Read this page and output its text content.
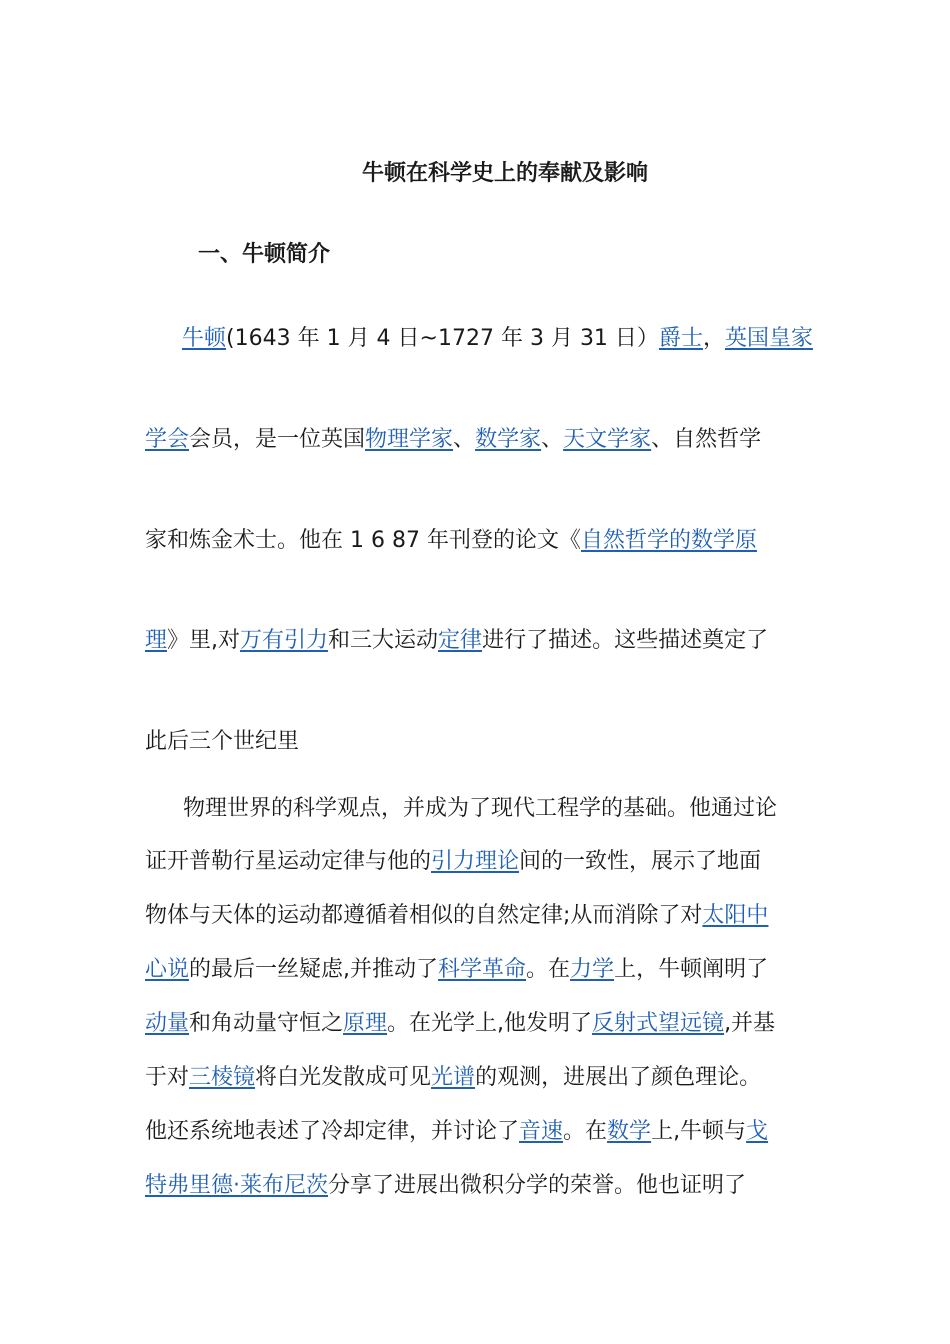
牛顿在科学史上的奉献及影响
一、牛顿简介
牛顿(1643 年 1 月 4 日~1727 年 3 月 31 日）爵士，英国皇家
学会会员，是一位英国物理学家、数学家、天文学家、自然哲学
家和炼金术士。他在 1 6 87 年刊登的论文《自然哲学的数学原
理》里,对万有引力和三大运动定律进行了描述。这些描述奠定了
此后三个世纪里
物理世界的科学观点，并成为了现代工程学的基础。他通过论
证开普勒行星运动定律与他的引力理论间的一致性，展示了地面
物体与天体的运动都遵循着相似的自然定律;从而消除了对太阳中
心说的最后一丝疑虑,并推动了科学革命。在力学上，牛顿阐明了
动量和角动量守恒之原理。在光学上,他发明了反射式望远镜,并基
于对三棱镜将白光发散成可见光谱的观测，进展出了颜色理论。
他还系统地表述了冷却定律，并讨论了音速。在数学上,牛顿与戈
特弗里德·莱布尼茨分享了进展出微积分学的荣誉。他也证明了
